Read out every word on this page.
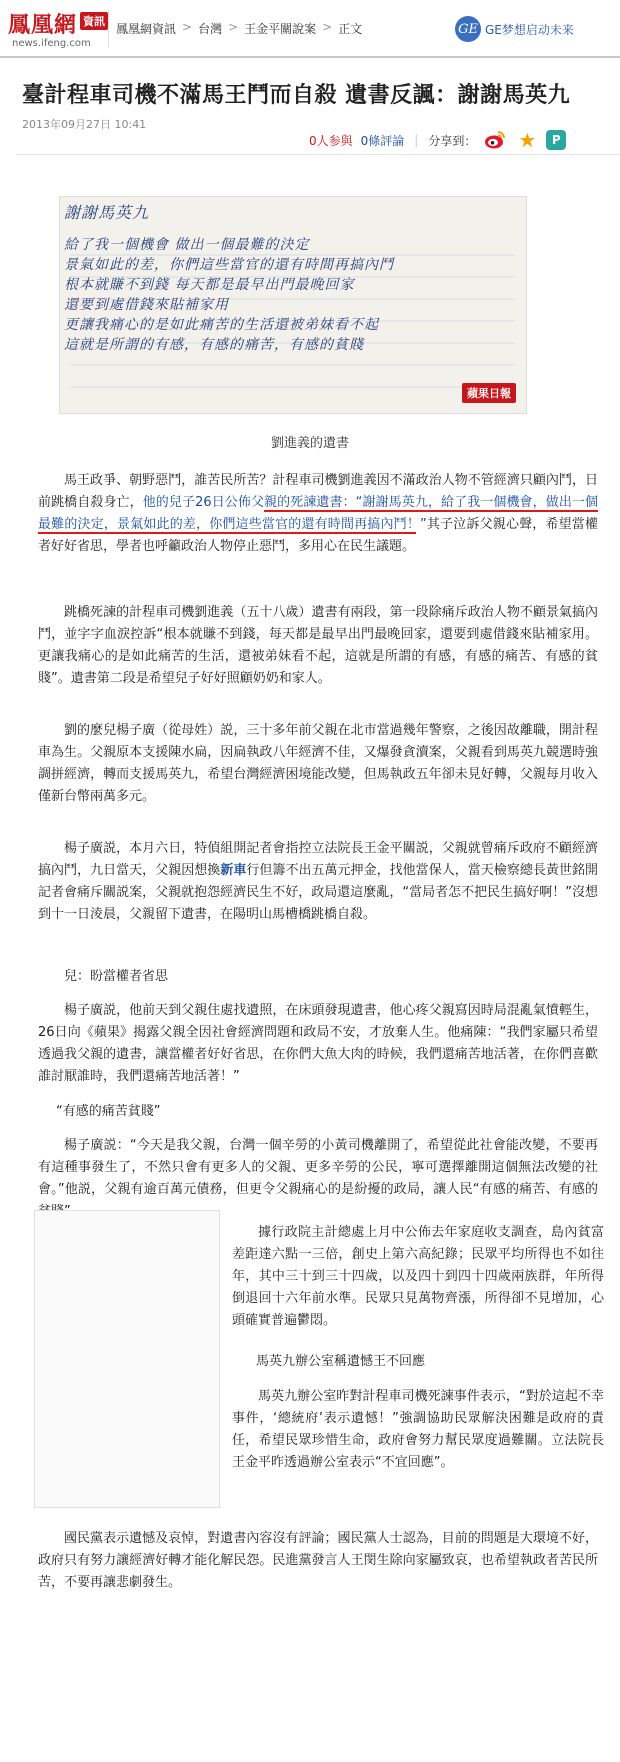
鳳凰網 資訊
news.ifeng.com
鳳凰網資訊 > 台灣 > 王金平關說案 > 正文	GE GE梦想启动未来
臺計程車司機不滿馬王鬥而自殺 遺書反諷：謝謝馬英九
2013年09月27日 10:41
0人参與 0條評論 | 分享到： ★	P
謝謝馬英九
給了我一個機會 做出一個最難的決定
景氣如此的差，你們這些當官的還有時間再搞內鬥
根本就賺不到錢 每天都是最早出門最晚回家
還要到處借錢來貼補家用
更讓我痛心的是如此痛苦的生活還被弟妹看不起
這就是所謂的有感，有感的痛苦，有感的貧賤
蘋果日報
劉進義的遺書
馬王政爭、朝野惡鬥，誰苦民所苦？計程車司機劉進義因不滿政治人物不管經濟只顧內鬥，日前跳橋自殺身亡，他的兒子26日公佈父親的死諫遺書：“謝謝馬英九，給了我一個機會，做出一個最難的決定，景氣如此的差，你們這些當官的還有時間再搞內鬥！”其子泣訴父親心聲，希望當權者好好省思，學者也呼籲政治人物停止惡鬥，多用心在民生議題。
跳橋死諫的計程車司機劉進義（五十八歲）遺書有兩段，第一段除痛斥政治人物不顧景氣搞內鬥，並字字血淚控訴“根本就賺不到錢，每天都是最早出門最晚回家，還要到處借錢來貼補家用。更讓我痛心的是如此痛苦的生活，還被弟妹看不起，這就是所謂的有感，有感的痛苦、有感的貧賤”。遺書第二段是希望兒子好好照顧奶奶和家人。
劉的麼兒楊子廣（從母姓）説，三十多年前父親在北市當過幾年警察，之後因故離職，開計程車為生。父親原本支援陳水扁，因扁執政八年經濟不佳，又爆發貪瀆案，父親看到馬英九競選時強調拼經濟，轉而支援馬英九，希望台灣經濟困境能改變，但馬執政五年卻未見好轉，父親每月收入僅新台幣兩萬多元。
楊子廣説，本月六日，特偵組開記者會指控立法院長王金平關説，父親就曾痛斥政府不顧經濟搞內鬥，九日當天，父親因想換新車行但籌不出五萬元押金，找他當保人，當天檢察總長黃世銘開記者會痛斥關説案，父親就抱怨經濟民生不好，政局還這麼亂，“當局者怎不把民生搞好啊！”沒想到十一日淩晨，父親留下遺書，在陽明山馬槽橋跳橋自殺。
兒：盼當權者省思
楊子廣説，他前天到父親住處找遺照，在床頭發現遺書，他心疼父親寫因時局混亂氣憤輕生，26日向《蘋果》揭露父親全因社會經濟問題和政局不安，才放棄人生。他痛陳：“我們家屬只希望透過我父親的遺書，讓當權者好好省思，在你們大魚大肉的時候，我們還痛苦地活著，在你們喜歡誰討厭誰時，我們還痛苦地活著！”
“有感的痛苦貧賤”
楊子廣説：“今天是我父親，台灣一個辛勞的小黃司機離開了，希望從此社會能改變，不要再有這種事發生了，不然只會有更多人的父親、更多辛勞的公民，寧可選擇離開這個無法改變的社會。”他説，父親有逾百萬元債務，但更令父親痛心的是紛擾的政局，讓人民“有感的痛苦、有感的
據行政院主計總處上月中公佈去年家庭收支調查，島內貧富差距達六點一三倍，創史上第六高紀錄；民眾平均所得也不如往年，其中三十到三十四歲，以及四十到四十四歲兩族群，年所得倒退回十六年前水準。民眾只見萬物齊漲，所得卻不見增加，心頭確實普遍鬱悶。
馬英九辦公室稱遺憾王不回應
馬英九辦公室昨對計程車司機死諫事件表示，“對於這起不幸事件，‘總統府’表示遺憾！”強調協助民眾解決困難是政府的責任，希望民眾珍惜生命，政府會努力幫民眾度過難關。立法院長王金平昨透過辦公室表示“不宜回應”。
國民黨表示遺憾及哀悼，對遺書內容沒有評論；國民黨人士認為，目前的問題是大環境不好，政府只有努力讓經濟好轉才能化解民怨。民進黨發言人王閔生除向家屬致哀，也希望執政者苦民所苦，不要再讓悲劇發生。
